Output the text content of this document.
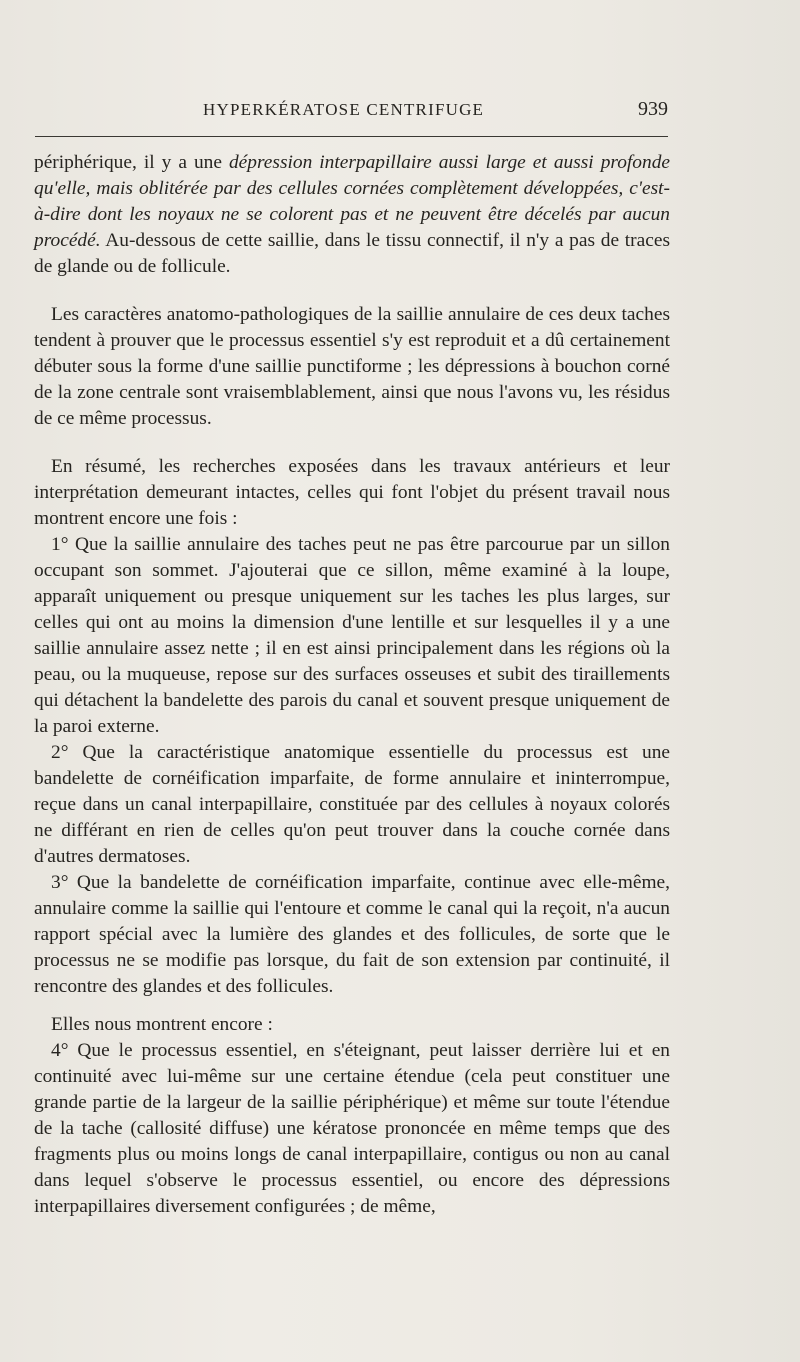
HYPERKÉRATOSE CENTRIFUGE	939

périphérique, il y a une dépression interpapillaire aussi large et aussi profonde qu'elle, mais oblitérée par des cellules cornées complètement développées, c'est-à-dire dont les noyaux ne se colorent pas et ne peuvent être décelés par aucun procédé. Au-dessous de cette saillie, dans le tissu connectif, il n'y a pas de traces de glande ou de follicule.

Les caractères anatomo-pathologiques de la saillie annulaire de ces deux taches tendent à prouver que le processus essentiel s'y est reproduit et a dû certainement débuter sous la forme d'une saillie punctiforme ; les dépressions à bouchon corné de la zone centrale sont vraisemblablement, ainsi que nous l'avons vu, les résidus de ce même processus.

En résumé, les recherches exposées dans les travaux antérieurs et leur interprétation demeurant intactes, celles qui font l'objet du présent travail nous montrent encore une fois :

1° Que la saillie annulaire des taches peut ne pas être parcourue par un sillon occupant son sommet. J'ajouterai que ce sillon, même examiné à la loupe, apparaît uniquement ou presque uniquement sur les taches les plus larges, sur celles qui ont au moins la dimension d'une lentille et sur lesquelles il y a une saillie annulaire assez nette ; il en est ainsi principalement dans les régions où la peau, ou la muqueuse, repose sur des surfaces osseuses et subit des tiraillements qui détachent la bandelette des parois du canal et souvent presque uniquement de la paroi externe.

2° Que la caractéristique anatomique essentielle du processus est une bandelette de cornéification imparfaite, de forme annulaire et ininterrompue, reçue dans un canal interpapillaire, constituée par des cellules à noyaux colorés ne différant en rien de celles qu'on peut trouver dans la couche cornée dans d'autres dermatoses.

3° Que la bandelette de cornéification imparfaite, continue avec elle-même, annulaire comme la saillie qui l'entoure et comme le canal qui la reçoit, n'a aucun rapport spécial avec la lumière des glandes et des follicules, de sorte que le processus ne se modifie pas lorsque, du fait de son extension par continuité, il rencontre des glandes et des follicules.

Elles nous montrent encore :

4° Que le processus essentiel, en s'éteignant, peut laisser derrière lui et en continuité avec lui-même sur une certaine étendue (cela peut constituer une grande partie de la largeur de la saillie périphérique) et même sur toute l'étendue de la tache (callosité diffuse) une kératose prononcée en même temps que des fragments plus ou moins longs de canal interpapillaire, contigus ou non au canal dans lequel s'observe le processus essentiel, ou encore des dépressions interpapillaires diversement configurées ; de même,
